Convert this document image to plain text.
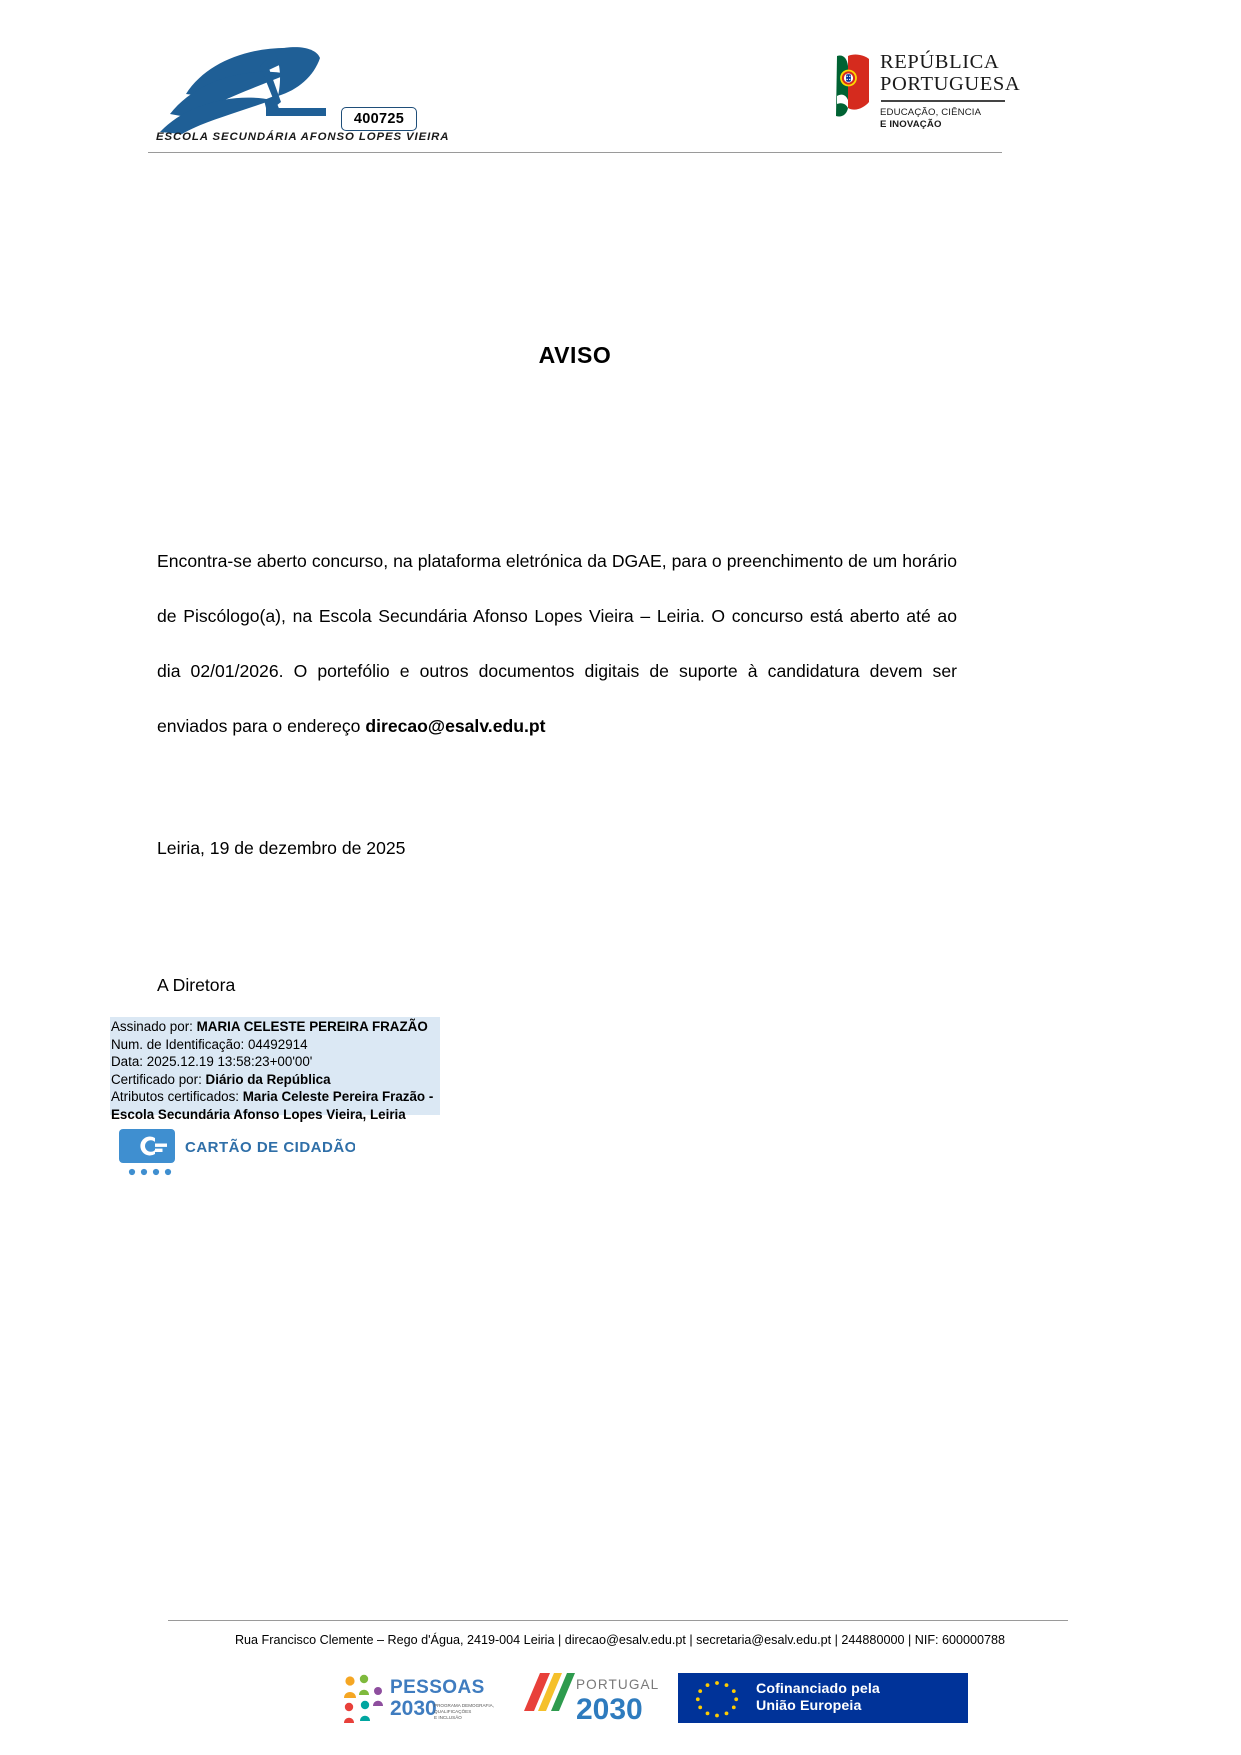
ESCOLA SECUNDÁRIA AFONSO LOPES VIEIRA
400725
REPÚBLICA
PORTUGUESA
EDUCAÇÃO, CIÊNCIA
E INOVAÇÃO
AVISO
Encontra-se aberto concurso, na plataforma eletrónica da DGAE, para o preenchimento de um horário de Piscólogo(a), na Escola Secundária Afonso Lopes Vieira – Leiria. O concurso está aberto até ao dia 02/01/2026. O portefólio e outros documentos digitais de suporte à candidatura devem ser enviados para o endereço direcao@esalv.edu.pt
Leiria, 19 de dezembro de 2025
A Diretora
Assinado por: MARIA CELESTE PEREIRA FRAZÃO
Num. de Identificação: 04492914
Data: 2025.12.19 13:58:23+00'00'
Certificado por: Diário da República
Atributos certificados: Maria Celeste Pereira Frazão -
Escola Secundária Afonso Lopes Vieira, Leiria
CARTÃO DE CIDADÃO
Rua Francisco Clemente – Rego d'Água, 2419-004 Leiria | direcao@esalv.edu.pt | secretaria@esalv.edu.pt | 244880000 | NIF: 600000788
PESSOAS
2030
PROGRAMA DEMOGRAFIA,
QUALIFICAÇÕES
E INCLUSÃO
PORTUGAL
2030
Cofinanciado pela
União Europeia
